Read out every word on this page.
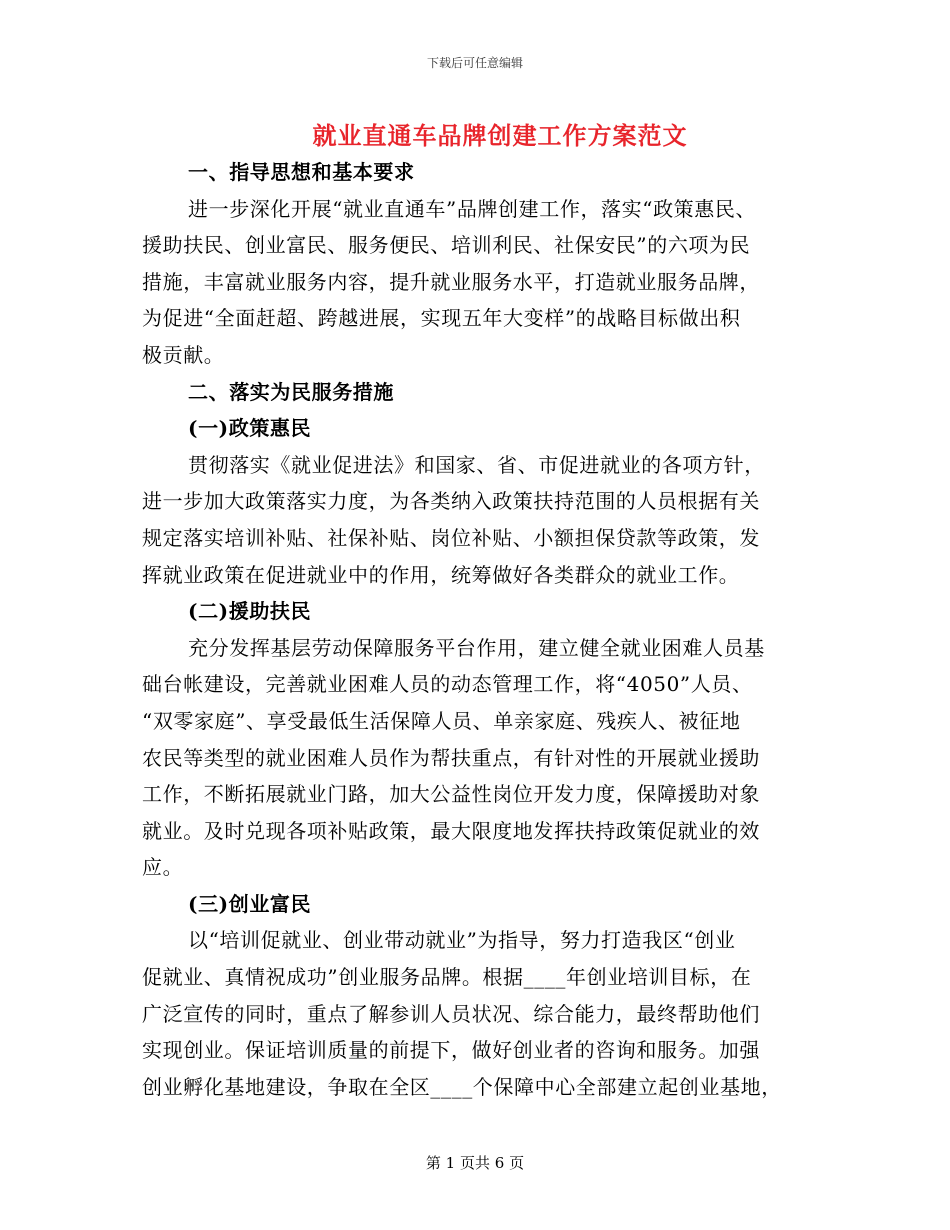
下载后可任意编辑
就业直通车品牌创建工作方案范文
一、指导思想和基本要求
进一步深化开展“就业直通车”品牌创建工作，落实“政策惠民、
援助扶民、创业富民、服务便民、培训利民、社保安民”的六项为民
措施，丰富就业服务内容，提升就业服务水平，打造就业服务品牌，
为促进“全面赶超、跨越进展，实现五年大变样”的战略目标做出积
极贡献。
二、落实为民服务措施
(一)政策惠民
贯彻落实《就业促进法》和国家、省、市促进就业的各项方针，
进一步加大政策落实力度，为各类纳入政策扶持范围的人员根据有关
规定落实培训补贴、社保补贴、岗位补贴、小额担保贷款等政策，发
挥就业政策在促进就业中的作用，统筹做好各类群众的就业工作。
(二)援助扶民
充分发挥基层劳动保障服务平台作用，建立健全就业困难人员基
础台帐建设，完善就业困难人员的动态管理工作，将“4050”人员、
“双零家庭”、享受最低生活保障人员、单亲家庭、残疾人、被征地
农民等类型的就业困难人员作为帮扶重点，有针对性的开展就业援助
工作，不断拓展就业门路，加大公益性岗位开发力度，保障援助对象
就业。及时兑现各项补贴政策，最大限度地发挥扶持政策促就业的效
应。
(三)创业富民
以“培训促就业、创业带动就业”为指导，努力打造我区“创业
促就业、真情祝成功”创业服务品牌。根据____年创业培训目标，在
广泛宣传的同时，重点了解参训人员状况、综合能力，最终帮助他们
实现创业。保证培训质量的前提下，做好创业者的咨询和服务。加强
创业孵化基地建设，争取在全区____个保障中心全部建立起创业基地，
第 1 页共 6 页
